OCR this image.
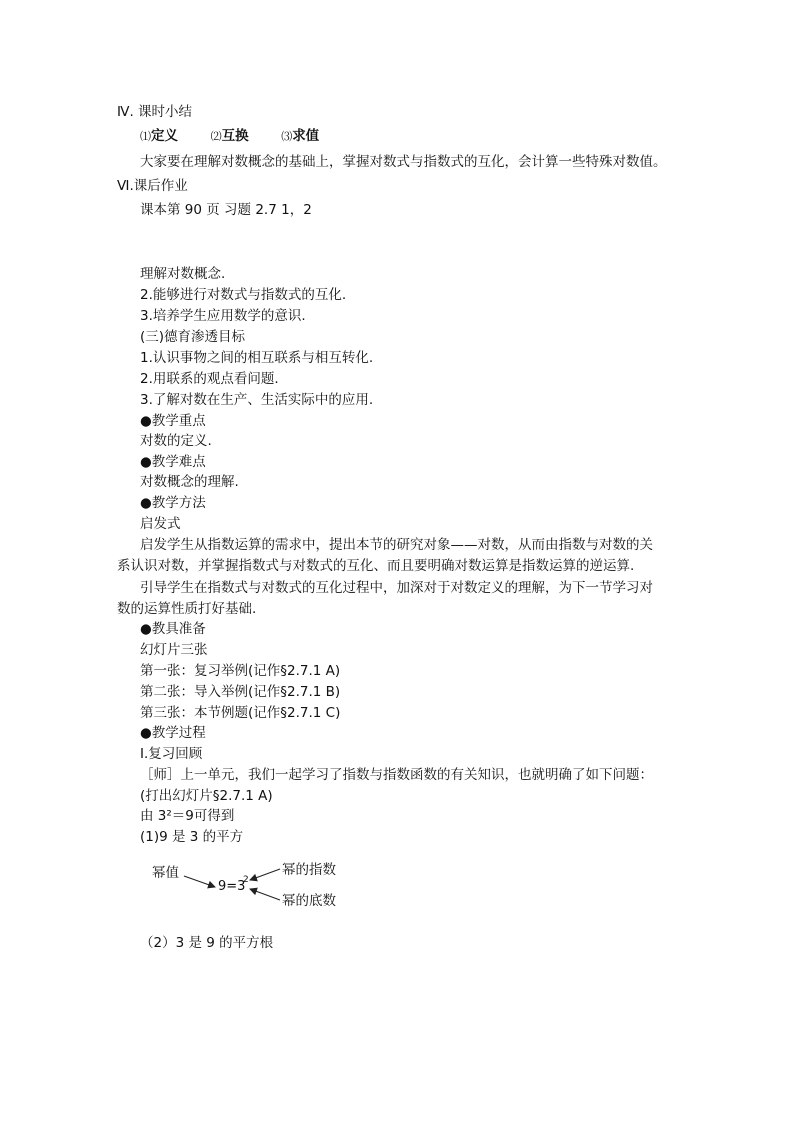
Ⅳ. 课时小结
⑴定义	⑵互换	⑶求值
大家要在理解对数概念的基础上，掌握对数式与指数式的互化，会计算一些特殊对数值。
Ⅵ.课后作业
课本第 90 页 习题 2.7 1，2
理解对数概念.
2.能够进行对数式与指数式的互化.
3.培养学生应用数学的意识.
(三)德育渗透目标
1.认识事物之间的相互联系与相互转化.
2.用联系的观点看问题.
3.了解对数在生产、生活实际中的应用.
●教学重点
对数的定义.
●教学难点
对数概念的理解.
●教学方法
启发式
启发学生从指数运算的需求中，提出本节的研究对象——对数，从而由指数与对数的关
系认识对数，并掌握指数式与对数式的互化、而且要明确对数运算是指数运算的逆运算.
引导学生在指数式与对数式的互化过程中，加深对于对数定义的理解，为下一节学习对
数的运算性质打好基础.
●教具准备
幻灯片三张
第一张：复习举例(记作§2.7.1 A)
第二张：导入举例(记作§2.7.1 B)
第三张：本节例题(记作§2.7.1 C)
●教学过程
Ⅰ.复习回顾
［师］上一单元，我们一起学习了指数与指数函数的有关知识，也就明确了如下问题：
(打出幻灯片§2.7.1 A)
由 3²＝9可得到
(1)9 是 3 的平方
幂值
9=3
2
幂的指数
幂的底数
（2）3 是 9 的平方根
